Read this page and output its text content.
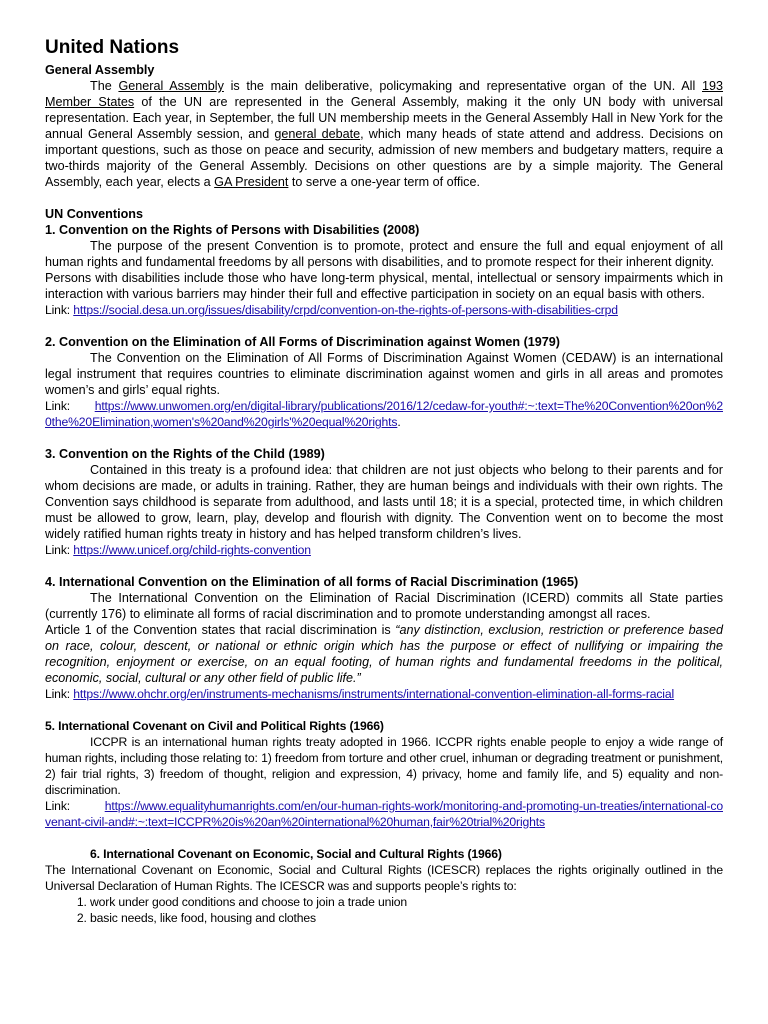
United Nations
General Assembly

The General Assembly is the main deliberative, policymaking and representative organ of the UN. All 193 Member States of the UN are represented in the General Assembly, making it the only UN body with universal representation. Each year, in September, the full UN membership meets in the General Assembly Hall in New York for the annual General Assembly session, and general debate, which many heads of state attend and address. Decisions on important questions, such as those on peace and security, admission of new members and budgetary matters, require a two-thirds majority of the General Assembly. Decisions on other questions are by a simple majority. The General Assembly, each year, elects a GA President to serve a one-year term of office.

UN Conventions
1. Convention on the Rights of Persons with Disabilities (2008)

The purpose of the present Convention is to promote, protect and ensure the full and equal enjoyment of all human rights and fundamental freedoms by all persons with disabilities, and to promote respect for their inherent dignity.

Persons with disabilities include those who have long-term physical, mental, intellectual or sensory impairments which in interaction with various barriers may hinder their full and effective participation in society on an equal basis with others.

Link: https://social.desa.un.org/issues/disability/crpd/convention-on-the-rights-of-persons-with-disabilities-crpd

2. Convention on the Elimination of All Forms of Discrimination against Women (1979)

The Convention on the Elimination of All Forms of Discrimination Against Women (CEDAW) is an international legal instrument that requires countries to eliminate discrimination against women and girls in all areas and promotes women’s and girls’ equal rights.

Link: https://www.unwomen.org/en/digital-library/publications/2016/12/cedaw-for-youth#:~:text=The%20Convention%20on%20the%20Elimination,women's%20and%20girls'%20equal%20rights.

3. Convention on the Rights of the Child (1989)

Contained in this treaty is a profound idea: that children are not just objects who belong to their parents and for whom decisions are made, or adults in training. Rather, they are human beings and individuals with their own rights. The Convention says childhood is separate from adulthood, and lasts until 18; it is a special, protected time, in which children must be allowed to grow, learn, play, develop and flourish with dignity. The Convention went on to become the most widely ratified human rights treaty in history and has helped transform children’s lives.

Link: https://www.unicef.org/child-rights-convention

4. International Convention on the Elimination of all forms of Racial Discrimination (1965)

The International Convention on the Elimination of Racial Discrimination (ICERD) commits all State parties (currently 176) to eliminate all forms of racial discrimination and to promote understanding amongst all races.

Article 1 of the Convention states that racial discrimination is “any distinction, exclusion, restriction or preference based on race, colour, descent, or national or ethnic origin which has the purpose or effect of nullifying or impairing the recognition, enjoyment or exercise, on an equal footing, of human rights and fundamental freedoms in the political, economic, social, cultural or any other field of public life.”

Link: https://www.ohchr.org/en/instruments-mechanisms/instruments/international-convention-elimination-all-forms-racial

5. International Covenant on Civil and Political Rights (1966)

ICCPR is an international human rights treaty adopted in 1966. ICCPR rights enable people to enjoy a wide range of human rights, including those relating to: 1) freedom from torture and other cruel, inhuman or degrading treatment or punishment, 2) fair trial rights, 3) freedom of thought, religion and expression, 4) privacy, home and family life, and 5) equality and non-discrimination.

Link:	https://www.equalityhumanrights.com/en/our-human-rights-work/monitoring-and-promoting-un-treaties/international-covenant-civil-and#:~:text=ICCPR%20is%20an%20international%20human,fair%20trial%20rights

6. International Covenant on Economic, Social and Cultural Rights (1966)

The International Covenant on Economic, Social and Cultural Rights (ICESCR) replaces the rights originally outlined in the Universal Declaration of Human Rights. The ICESCR was and supports people’s rights to:

1. work under good conditions and choose to join a trade union
2. basic needs, like food, housing and clothes
